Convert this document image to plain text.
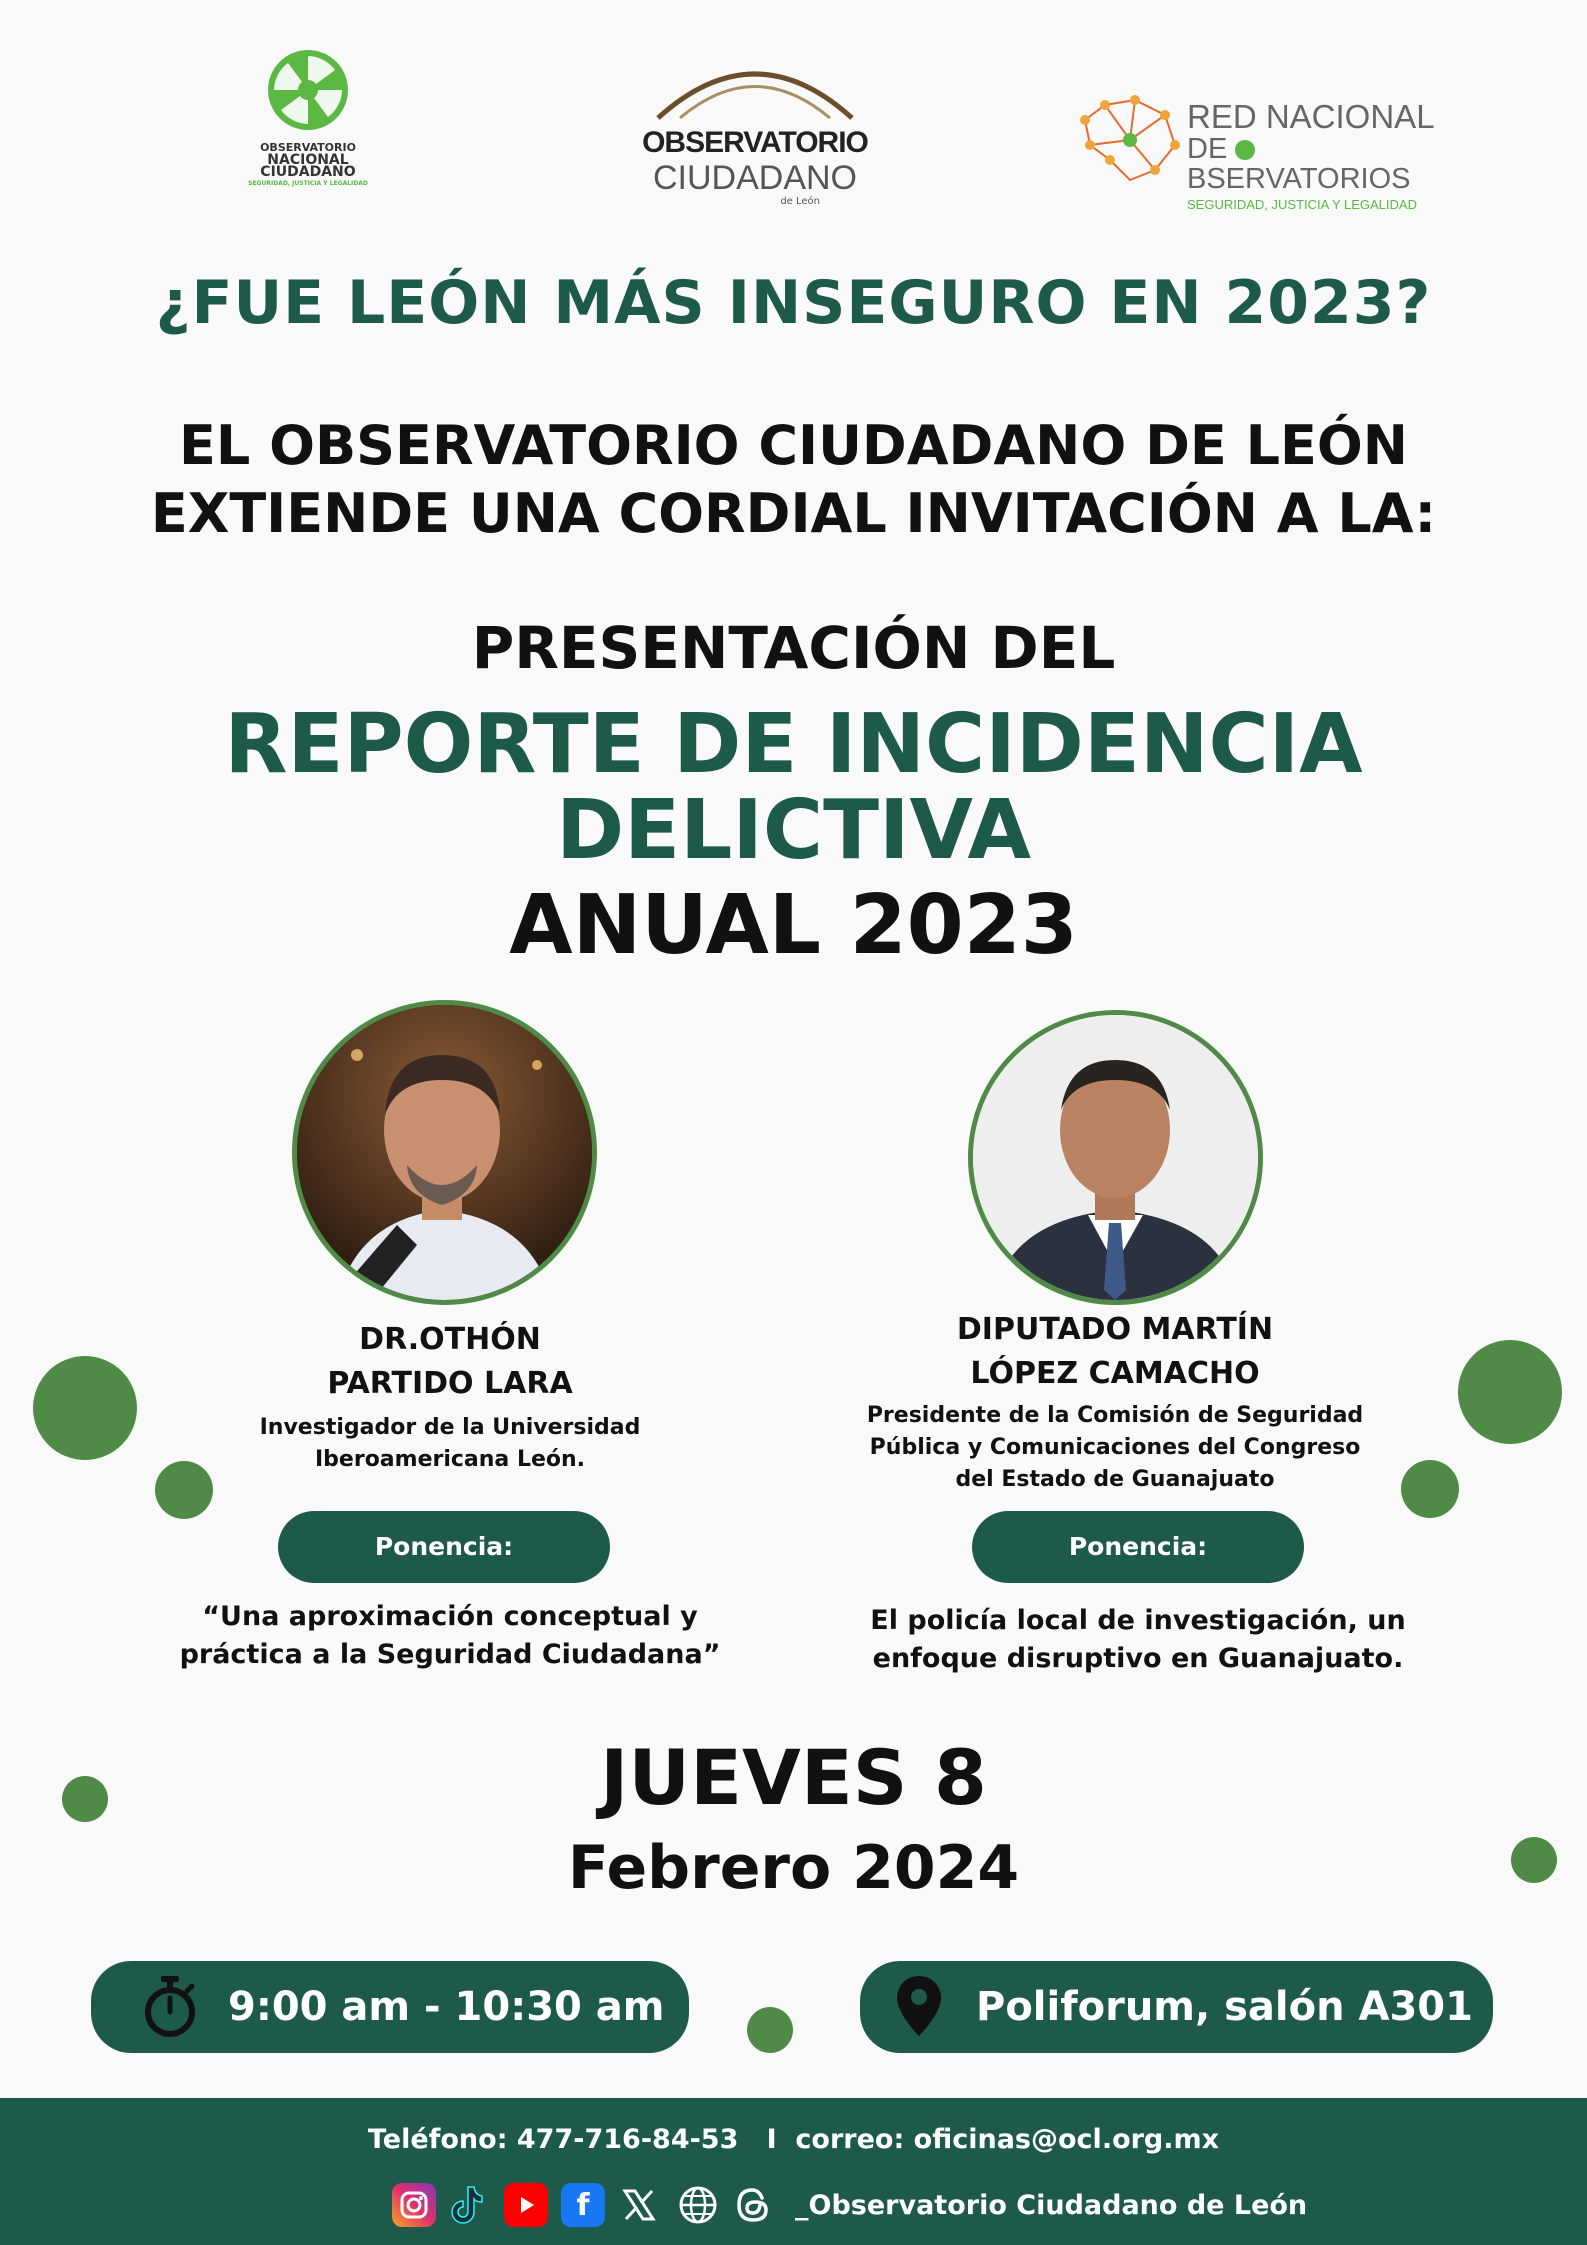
OBSERVATORIO
NACIONAL
CIUDADANO
SEGURIDAD, JUSTICIA Y LEGALIDAD
OBSERVATORIO
CIUDADANO
de León
RED NACIONAL
DE BSERVATORIOS
SEGURIDAD, JUSTICIA Y LEGALIDAD
¿FUE LEÓN MÁS INSEGURO EN 2023?
EL OBSERVATORIO CIUDADANO DE LEÓN
EXTIENDE UNA CORDIAL INVITACIÓN A LA:
PRESENTACIÓN DEL
REPORTE DE INCIDENCIA
DELICTIVA
ANUAL 2023
DR.OTHÓN
PARTIDO LARA
Investigador de la Universidad
Iberoamericana León.
Ponencia:
“Una aproximación conceptual y
práctica a la Seguridad Ciudadana”
DIPUTADO MARTÍN
LÓPEZ CAMACHO
Presidente de la Comisión de Seguridad
Pública y Comunicaciones del Congreso
del Estado de Guanajuato
Ponencia:
El policía local de investigación, un
enfoque disruptivo en Guanajuato.
JUEVES 8
Febrero 2024
9:00 am - 10:30 am	Poliforum, salón A301
Teléfono: 477-716-84-53   I  correo: oficinas@ocl.org.mx
f	_Observatorio Ciudadano de León
